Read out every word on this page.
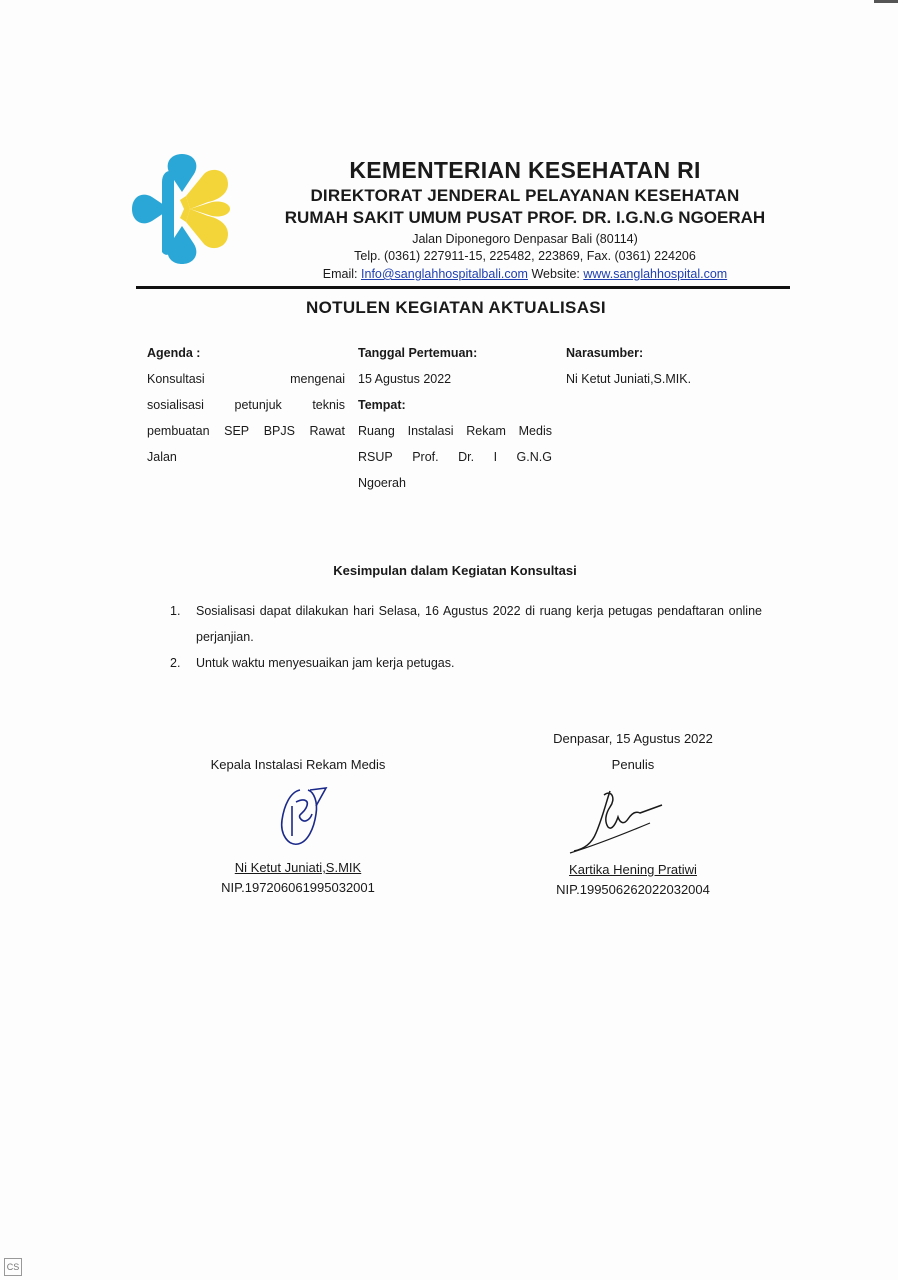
KEMENTERIAN KESEHATAN RI
DIREKTORAT JENDERAL PELAYANAN KESEHATAN
RUMAH SAKIT UMUM PUSAT PROF. DR. I.G.N.G NGOERAH
Jalan Diponegoro Denpasar Bali (80114)
Telp. (0361) 227911-15, 225482, 223869, Fax. (0361) 224206
Email: Info@sanglahhospitalbali.com Website: www.sanglahhospital.com
NOTULEN KEGIATAN AKTUALISASI
Agenda :
Konsultasi	mengenai
sosialisasi petunjuk teknis
pembuatan SEP BPJS Rawat
Jalan
Tanggal Pertemuan:
15 Agustus 2022
Tempat:
Ruang Instalasi Rekam Medis
RSUP Prof. Dr. I G.N.G
Ngoerah
Narasumber:
Ni Ketut Juniati,S.MIK.
Kesimpulan dalam Kegiatan Konsultasi
1.	Sosialisasi dapat dilakukan hari Selasa, 16 Agustus 2022 di ruang kerja petugas pendaftaran online perjanjian.
2.	Untuk waktu menyesuaikan jam kerja petugas.
Kepala Instalasi Rekam Medis
Ni Ketut Juniati,S.MIK
NIP.197206061995032001
Denpasar, 15 Agustus 2022
Penulis
Kartika Hening Pratiwi
NIP.199506262022032004
CS
